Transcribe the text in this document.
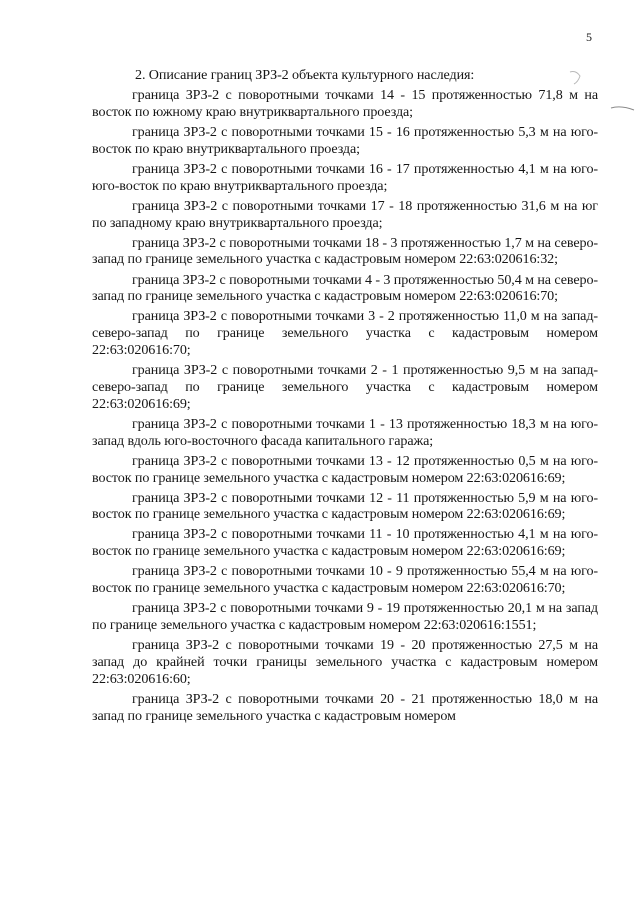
5

2. Описание границ ЗРЗ-2 объекта культурного наследия:

граница ЗРЗ-2 с поворотными точками 14 - 15 протяженностью 71,8 м на восток по южному краю внутриквартального проезда;

граница ЗРЗ-2 с поворотными точками 15 - 16 протяженностью 5,3 м на юго-восток по краю внутриквартального проезда;

граница ЗРЗ-2 с поворотными точками 16 - 17 протяженностью 4,1 м на юго-юго-восток по краю внутриквартального проезда;

граница ЗРЗ-2 с поворотными точками 17 - 18 протяженностью 31,6 м на юг по западному краю внутриквартального проезда;

граница ЗРЗ-2 с поворотными точками 18 - 3 протяженностью 1,7 м на северо-запад по границе земельного участка с кадастровым номером 22:63:020616:32;

граница ЗРЗ-2 с поворотными точками 4 - 3 протяженностью 50,4 м на северо-запад по границе земельного участка с кадастровым номером 22:63:020616:70;

граница ЗРЗ-2 с поворотными точками 3 - 2 протяженностью 11,0 м на запад-северо-запад по границе земельного участка с кадастровым номером 22:63:020616:70;

граница ЗРЗ-2 с поворотными точками 2 - 1 протяженностью 9,5 м на запад-северо-запад по границе земельного участка с кадастровым номером 22:63:020616:69;

граница ЗРЗ-2 с поворотными точками 1 - 13 протяженностью 18,3 м на юго-запад вдоль юго-восточного фасада капитального гаража;

граница ЗРЗ-2 с поворотными точками 13 - 12 протяженностью 0,5 м на юго-восток по границе земельного участка с кадастровым номером 22:63:020616:69;

граница ЗРЗ-2 с поворотными точками 12 - 11 протяженностью 5,9 м на юго-восток по границе земельного участка с кадастровым номером 22:63:020616:69;

граница ЗРЗ-2 с поворотными точками 11 - 10 протяженностью 4,1 м на юго-восток по границе земельного участка с кадастровым номером 22:63:020616:69;

граница ЗРЗ-2 с поворотными точками 10 - 9 протяженностью 55,4 м на юго-восток по границе земельного участка с кадастровым номером 22:63:020616:70;

граница ЗРЗ-2 с поворотными точками 9 - 19 протяженностью 20,1 м на запад по границе земельного участка с кадастровым номером 22:63:020616:1551;

граница ЗРЗ-2 с поворотными точками 19 - 20 протяженностью 27,5 м на запад до крайней точки границы земельного участка с кадастровым номером 22:63:020616:60;

граница ЗРЗ-2 с поворотными точками 20 - 21 протяженностью 18,0 м на запад по границе земельного участка с кадастровым номером
